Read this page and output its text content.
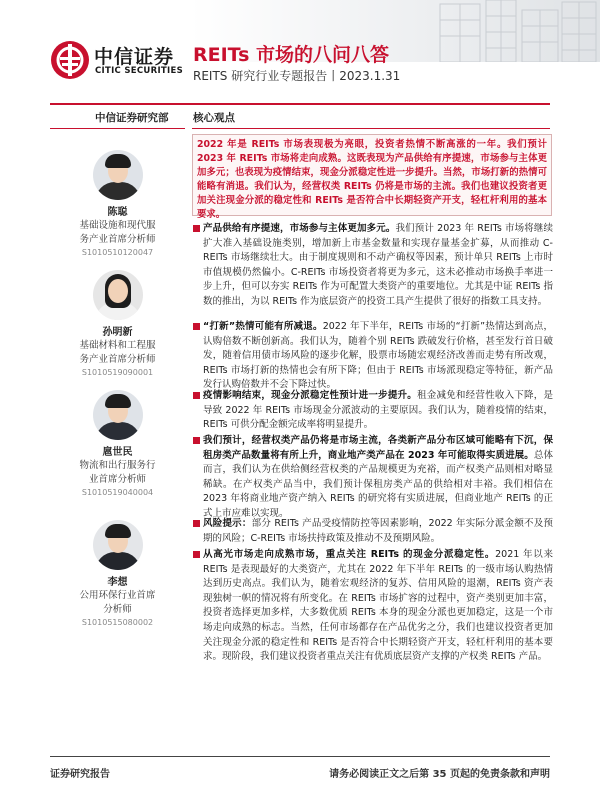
中信证券
CITIC SECURITIES
REITs 市场的八问八答
REITS 研究行业专题报告丨2023.1.31
中信证券研究部 核心观点
陈聪
基础设施和现代服
务产业首席分析师
S1010510120047
孙明新
基础材料和工程服
务产业首席分析师
S1010519090001
扈世民
物流和出行服务行
业首席分析师
S1010519040004
李想
公用环保行业首席
分析师
S1010515080002
2022 年是 REITs 市场表现极为亮眼，投资者热情不断高涨的一年。我们预计 2023 年 REITs 市场将走向成熟。这既表现为产品供给有序提速，市场参与主体更加多元；也表现为疫情结束，现金分派稳定性进一步提升。当然，市场打新的热情可能略有消退。我们认为，经营权类 REITs 仍将是市场的主流。我们也建议投资者更加关注现金分派的稳定性和 REITs 是否符合中长期轻资产开支，轻杠杆利用的基本要求。

产品供给有序提速，市场参与主体更加多元。我们预计 2023 年 REITs 市场将继续扩大准入基础设施类别，增加新上市基金数量和实现存量基金扩募，从而推动 C-REITs 市场继续壮大。由于制度规则和不动产确权等因素，预计单只 REITs 上市时市值规模仍然偏小。C-REITs 市场投资者将更为多元，这未必推动市场换手率进一步上升，但可以夯实 REITs 作为可配置大类资产的重要地位。尤其是中证 REITs 指数的推出，为以 REITs 作为底层资产的投资工具产生提供了很好的指数工具支持。

“打新”热情可能有所减退。2022 年下半年，REITs 市场的“打新”热情达到高点，认购倍数不断创新高。我们认为，随着个别 REITs 跌破发行价格，甚至发行首日破发，随着信用债市场风险的逐步化解，股票市场随宏观经济改善而走势有所改观，REITs 市场打新的热情也会有所下降；但由于 REITs 市场派现稳定等特征，新产品发行认购倍数并不会下降过快。

疫情影响结束，现金分派稳定性预计进一步提升。租金减免和经营性收入下降，是导致 2022 年 REITs 市场现金分派波动的主要原因。我们认为，随着疫情的结束，REITs 可供分配金额完成率将明显提升。

我们预计，经营权类产品仍将是市场主流，各类新产品分布区域可能略有下沉，保租房类产品数量将有所上升，商业地产类产品在 2023 年可能取得实质进展。总体而言，我们认为在供给侧经营权类的产品规模更为充裕，而产权类产品则相对略显稀缺。在产权类产品当中，我们预计保租房类产品的供给相对丰裕。我们相信在 2023 年将商业地产资产纳入 REITs 的研究将有实质进展，但商业地产 REITs 的正式上市应难以实现。

风险提示：部分 REITs 产品受疫情防控等因素影响，2022 年实际分派金额不及预期的风险；C-REITs 市场扶持政策及推动不及预期风险。

从高光市场走向成熟市场，重点关注 REITs 的现金分派稳定性。2021 年以来 REITs 是表现最好的大类资产，尤其在 2022 年下半年 REITs 的一级市场认购热情达到历史高点。我们认为，随着宏观经济的复苏、信用风险的退潮，REITs 资产表现独树一帜的情况将有所变化。在 REITs 市场扩容的过程中，资产类别更加丰富，投资者选择更加多样，大多数优质 REITs 本身的现金分派也更加稳定，这是一个市场走向成熟的标志。当然，任何市场都存在产品优劣之分，我们也建议投资者更加关注现金分派的稳定性和 REITs 是否符合中长期轻资产开支，轻杠杆利用的基本要求。现阶段，我们建议投资者重点关注有优质底层资产支撑的产权类 REITs 产品。

证券研究报告	请务必阅读正文之后第 35 页起的免责条款和声明
